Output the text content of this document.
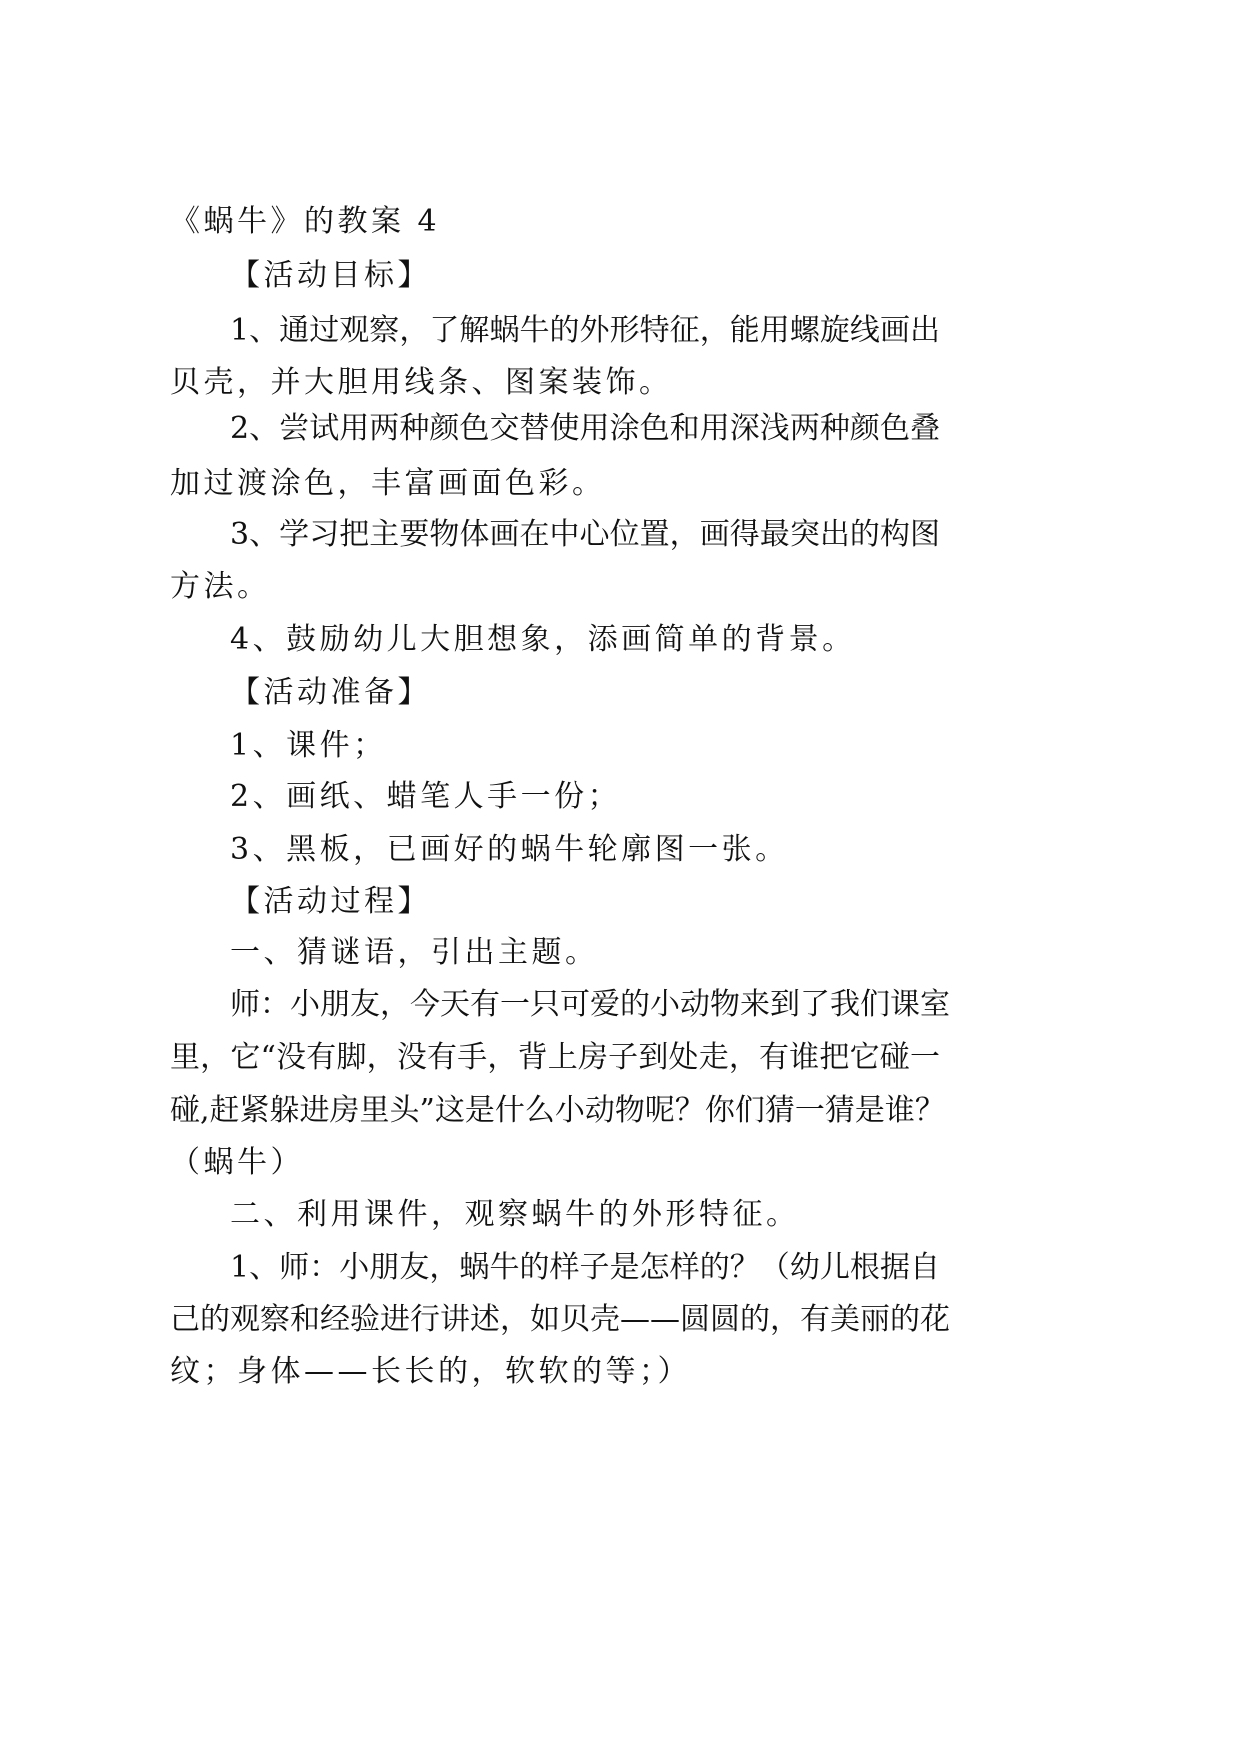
《蜗牛》的教案 4
【活动目标】
1、通过观察，了解蜗牛的外形特征，能用螺旋线画出
贝壳，并大胆用线条、图案装饰。
2、尝试用两种颜色交替使用涂色和用深浅两种颜色叠
加过渡涂色，丰富画面色彩。
3、学习把主要物体画在中心位置，画得最突出的构图
方法。
4、鼓励幼儿大胆想象，添画简单的背景。
【活动准备】
1、课件；
2、画纸、蜡笔人手一份；
3、黑板，已画好的蜗牛轮廓图一张。
【活动过程】
一、猜谜语，引出主题。
师：小朋友，今天有一只可爱的小动物来到了我们课室
里，它“没有脚，没有手，背上房子到处走，有谁把它碰一
碰,赶紧躲进房里头”这是什么小动物呢？你们猜一猜是谁？
（蜗牛）
二、利用课件，观察蜗牛的外形特征。
1、师：小朋友，蜗牛的样子是怎样的？（幼儿根据自
己的观察和经验进行讲述，如贝壳——圆圆的，有美丽的花
纹；身体——长长的，软软的等；）
